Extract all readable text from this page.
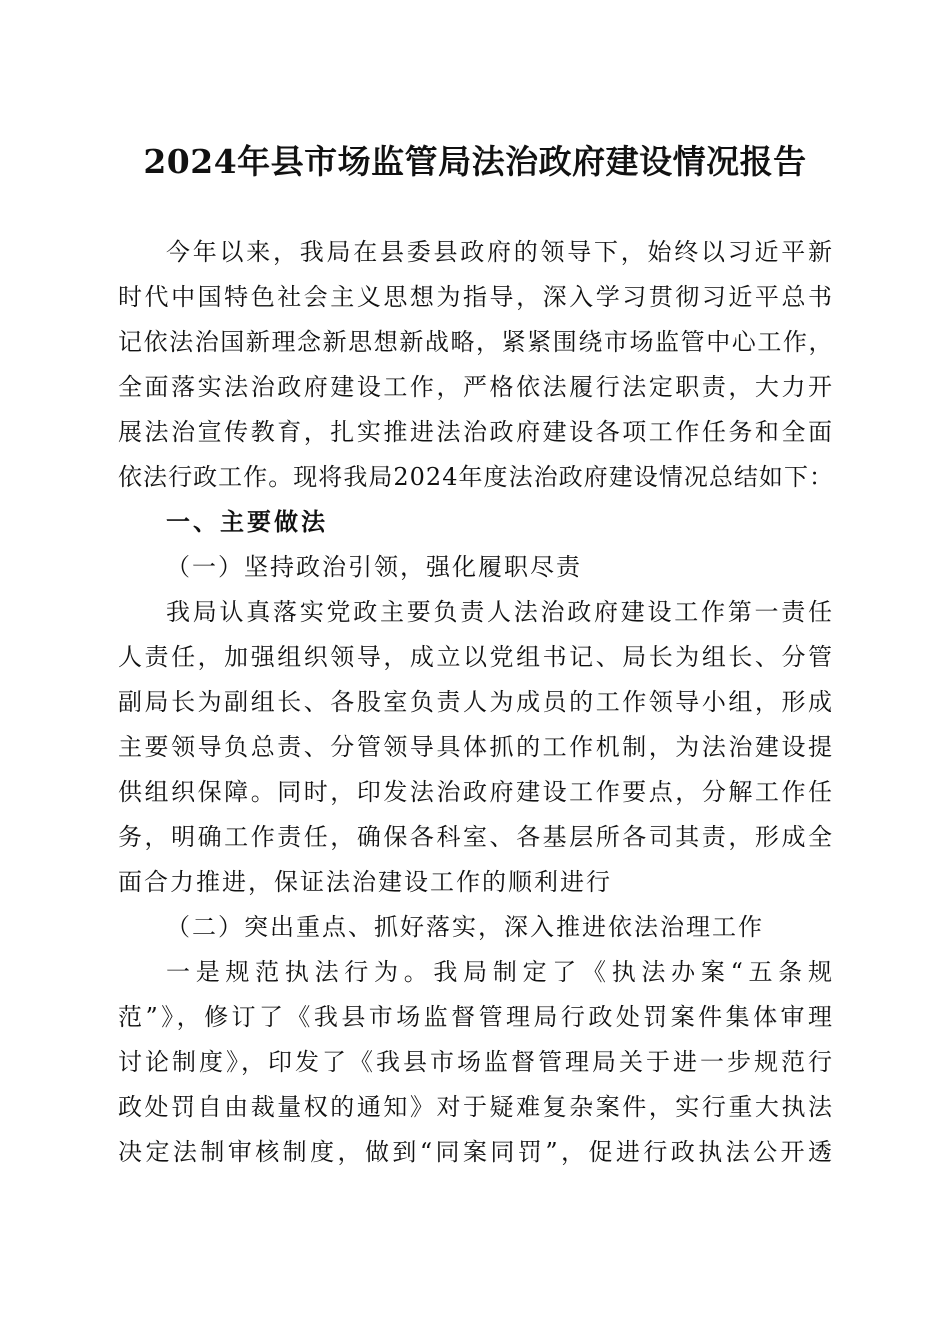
2024年县市场监管局法治政府建设情况报告
今年以来，我局在县委县政府的领导下，始终以习近平新
时代中国特色社会主义思想为指导，深入学习贯彻习近平总书
记依法治国新理念新思想新战略，紧紧围绕市场监管中心工作，
全面落实法治政府建设工作，严格依法履行法定职责，大力开
展法治宣传教育，扎实推进法治政府建设各项工作任务和全面
依法行政工作。现将我局2024年度法治政府建设情况总结如下：
一、主要做法
（一）坚持政治引领，强化履职尽责
我局认真落实党政主要负责人法治政府建设工作第一责任
人责任，加强组织领导，成立以党组书记、局长为组长、分管
副局长为副组长、各股室负责人为成员的工作领导小组，形成
主要领导负总责、分管领导具体抓的工作机制，为法治建设提
供组织保障。同时，印发法治政府建设工作要点，分解工作任
务，明确工作责任，确保各科室、各基层所各司其责，形成全
面合力推进，保证法治建设工作的顺利进行
（二）突出重点、抓好落实，深入推进依法治理工作
一是规范执法行为。我局制定了《执法办案“五条规
范”》，修订了《我县市场监督管理局行政处罚案件集体审理
讨论制度》，印发了《我县市场监督管理局关于进一步规范行
政处罚自由裁量权的通知》对于疑难复杂案件，实行重大执法
决定法制审核制度，做到“同案同罚”，促进行政执法公开透
